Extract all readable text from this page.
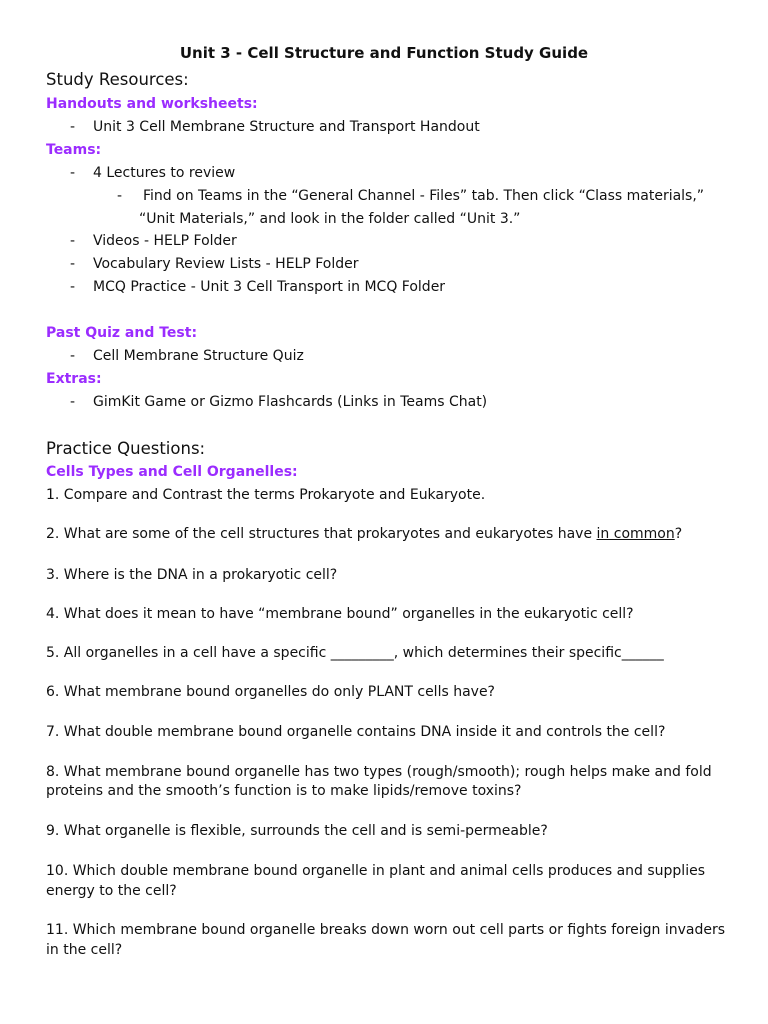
Unit 3 - Cell Structure and Function Study Guide
Study Resources:
Handouts and worksheets:
- Unit 3 Cell Membrane Structure and Transport Handout
Teams:
- 4 Lectures to review
- Find on Teams in the “General Channel - Files” tab. Then click “Class materials,”
“Unit Materials,” and look in the folder called “Unit 3.”
- Videos - HELP Folder
- Vocabulary Review Lists - HELP Folder
- MCQ Practice - Unit 3 Cell Transport in MCQ Folder
Past Quiz and Test:
- Cell Membrane Structure Quiz
Extras:
- GimKit Game or Gizmo Flashcards (Links in Teams Chat)
Practice Questions:
Cells Types and Cell Organelles:
1. Compare and Contrast the terms Prokaryote and Eukaryote.
2. What are some of the cell structures that prokaryotes and eukaryotes have in common?
3. Where is the DNA in a prokaryotic cell?
4. What does it mean to have “membrane bound” organelles in the eukaryotic cell?
5. All organelles in a cell have a specific _________, which determines their specific______
6. What membrane bound organelles do only PLANT cells have?
7. What double membrane bound organelle contains DNA inside it and controls the cell?
8. What membrane bound organelle has two types (rough/smooth); rough helps make and fold
proteins and the smooth’s function is to make lipids/remove toxins?
9. What organelle is flexible, surrounds the cell and is semi-permeable?
10. Which double membrane bound organelle in plant and animal cells produces and supplies
energy to the cell?
11. Which membrane bound organelle breaks down worn out cell parts or fights foreign invaders
in the cell?
